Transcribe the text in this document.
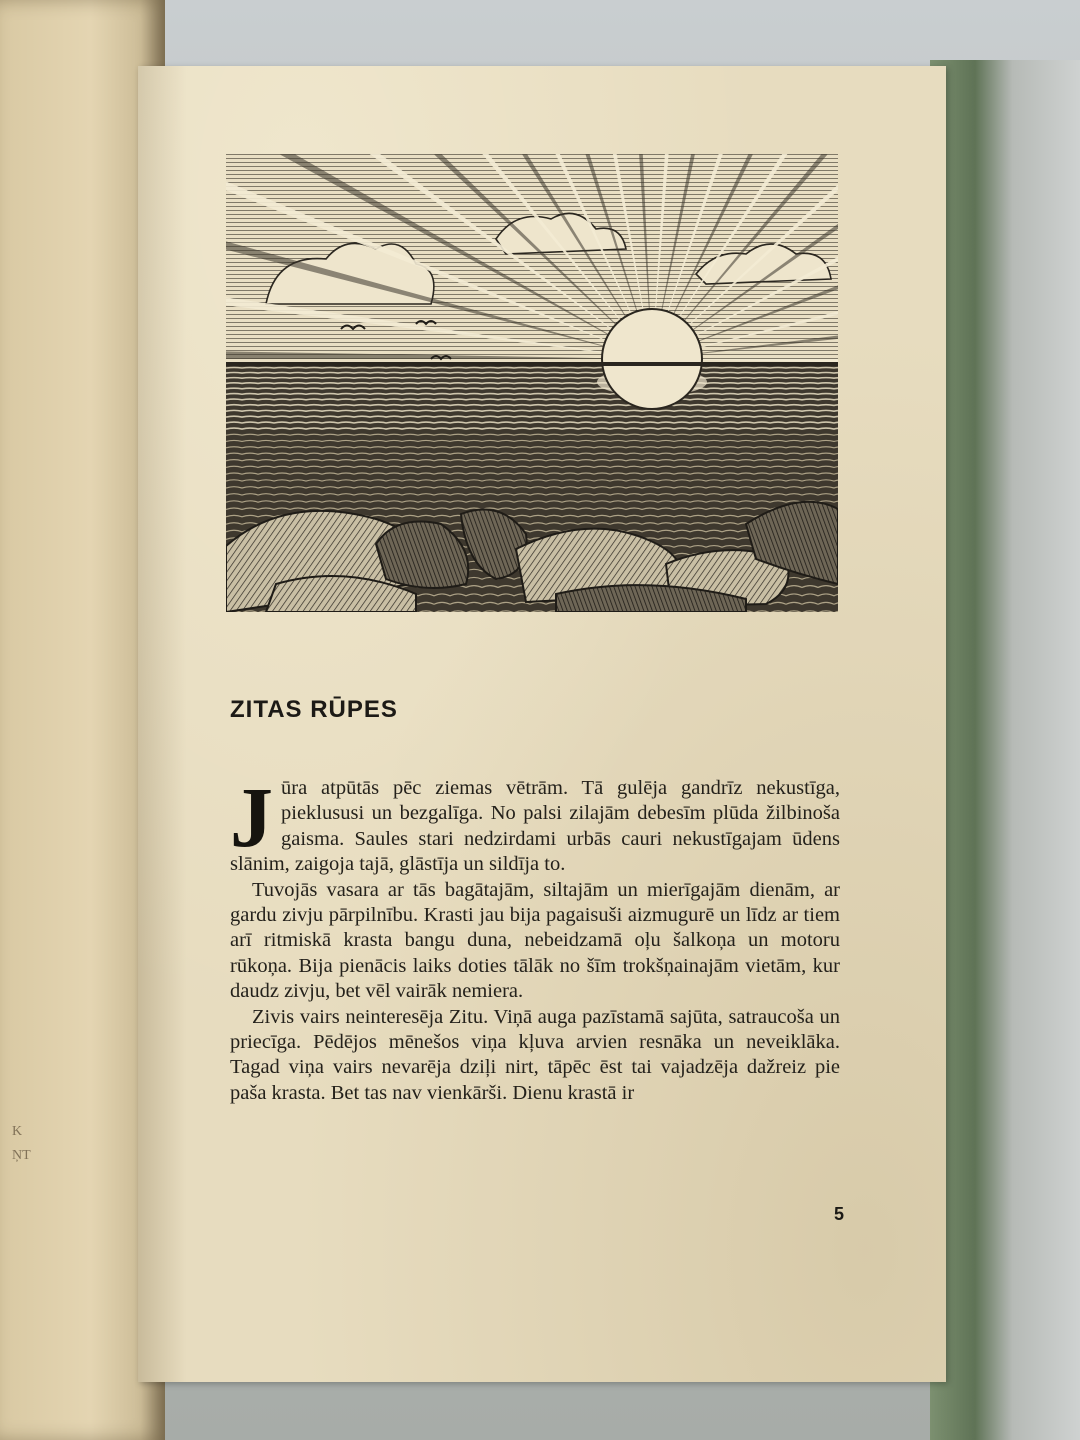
K
ŅT
ZITAS RŪPES

Jūra atpūtās pēc ziemas vētrām. Tā gulēja gandrīz nekustīga, pieklususi un bezgalīga. No palsi zilajām debesīm plūda žilbinoša gaisma. Saules stari nedzirdami urbās cauri nekustīgajam ūdens slānim, zaigoja tajā, glāstīja un sildīja to.

Tuvojās vasara ar tās bagātajām, siltajām un mierīgajām dienām, ar gardu zivju pārpilnību. Krasti jau bija pagaisuši aizmugurē un līdz ar tiem arī ritmiskā krasta bangu duna, nebeidzamā oļu šalkoņa un motoru rūkoņa. Bija pienācis laiks doties tālāk no šīm trokšņainajām vietām, kur daudz zivju, bet vēl vairāk nemiera.

Zivis vairs neinteresēja Zitu. Viņā auga pazīstamā sajūta, satraucoša un priecīga. Pēdējos mēnešos viņa kļuva arvien resnāka un neveiklāka. Tagad viņa vairs nevarēja dziļi nirt, tāpēc ēst tai vajadzēja dažreiz pie paša krasta. Bet tas nav vienkārši. Dienu krastā ir

5
